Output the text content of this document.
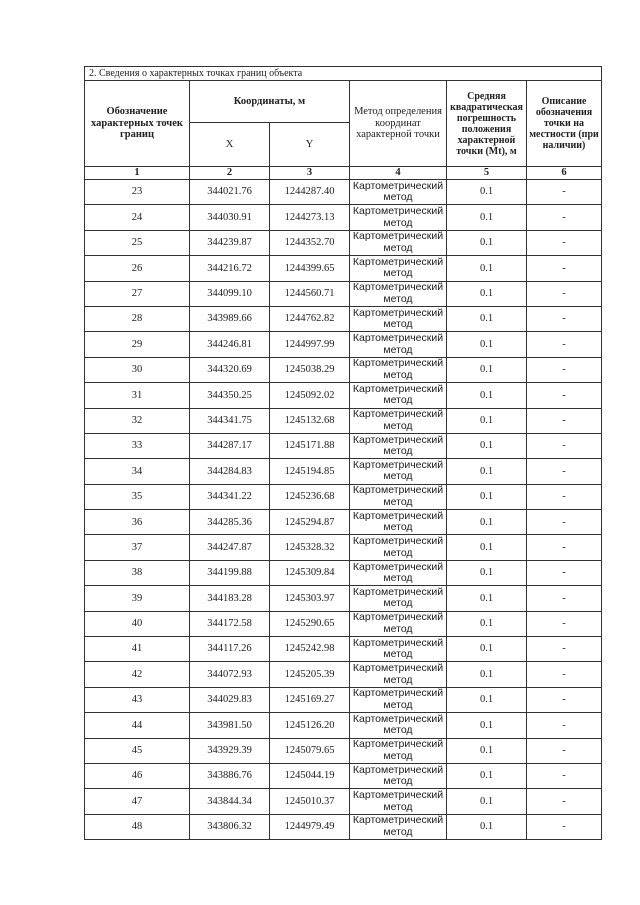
2. Сведения о характерных точках границ объекта					
Обозначение характерных точек границ	Координаты, м		Метод определения координат характерной точки	Средняя квадратическая погрешность положения характерной точки (Mt), м	Описание обозначения точки на местности (при наличии)
	X	Y			
1	2	3	4	5	6
23	344021.76	1244287.40	Картометрический метод	0.1	-
24	344030.91	1244273.13	Картометрический метод	0.1	-
25	344239.87	1244352.70	Картометрический метод	0.1	-
26	344216.72	1244399.65	Картометрический метод	0.1	-
27	344099.10	1244560.71	Картометрический метод	0.1	-
28	343989.66	1244762.82	Картометрический метод	0.1	-
29	344246.81	1244997.99	Картометрический метод	0.1	-
30	344320.69	1245038.29	Картометрический метод	0.1	-
31	344350.25	1245092.02	Картометрический метод	0.1	-
32	344341.75	1245132.68	Картометрический метод	0.1	-
33	344287.17	1245171.88	Картометрический метод	0.1	-
34	344284.83	1245194.85	Картометрический метод	0.1	-
35	344341.22	1245236.68	Картометрический метод	0.1	-
36	344285.36	1245294.87	Картометрический метод	0.1	-
37	344247.87	1245328.32	Картометрический метод	0.1	-
38	344199.88	1245309.84	Картометрический метод	0.1	-
39	344183.28	1245303.97	Картометрический метод	0.1	-
40	344172.58	1245290.65	Картометрический метод	0.1	-
41	344117.26	1245242.98	Картометрический метод	0.1	-
42	344072.93	1245205.39	Картометрический метод	0.1	-
43	344029.83	1245169.27	Картометрический метод	0.1	-
44	343981.50	1245126.20	Картометрический метод	0.1	-
45	343929.39	1245079.65	Картометрический метод	0.1	-
46	343886.76	1245044.19	Картометрический метод	0.1	-
47	343844.34	1245010.37	Картометрический метод	0.1	-
48	343806.32	1244979.49	Картометрический метод	0.1	-
